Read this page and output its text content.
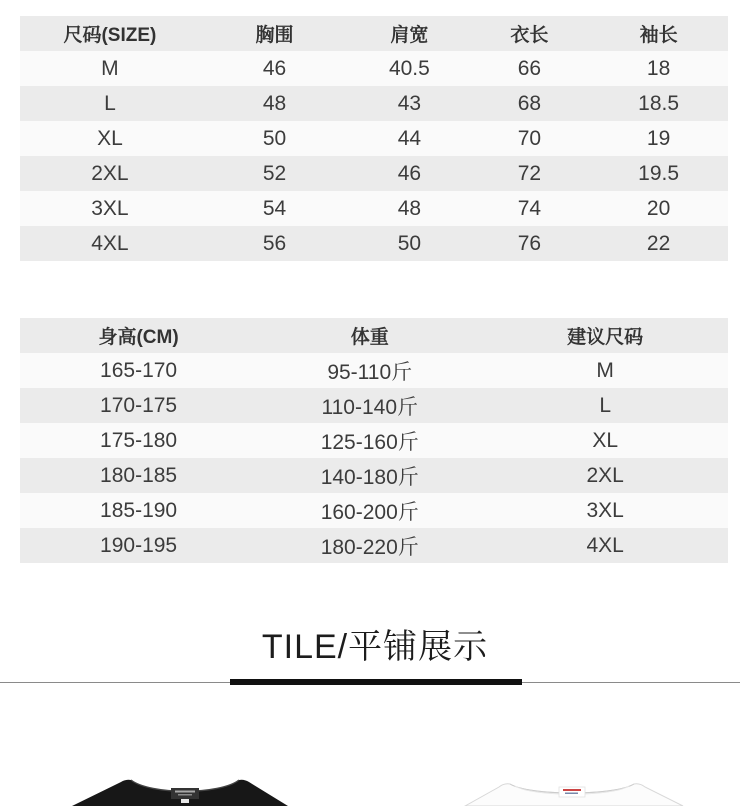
尺码(SIZE)	胸围	肩宽	衣长	袖长
M	46	40.5	66	18
L	48	43	68	18.5
XL	50	44	70	19
2XL	52	46	72	19.5
3XL	54	48	74	20
4XL	56	50	76	22
身高(CM)	体重	建议尺码
165-170	95-110斤	M
170-175	110-140斤	L
175-180	125-160斤	XL
180-185	140-180斤	2XL
185-190	160-200斤	3XL
190-195	180-220斤	4XL
TILE/平铺展示
